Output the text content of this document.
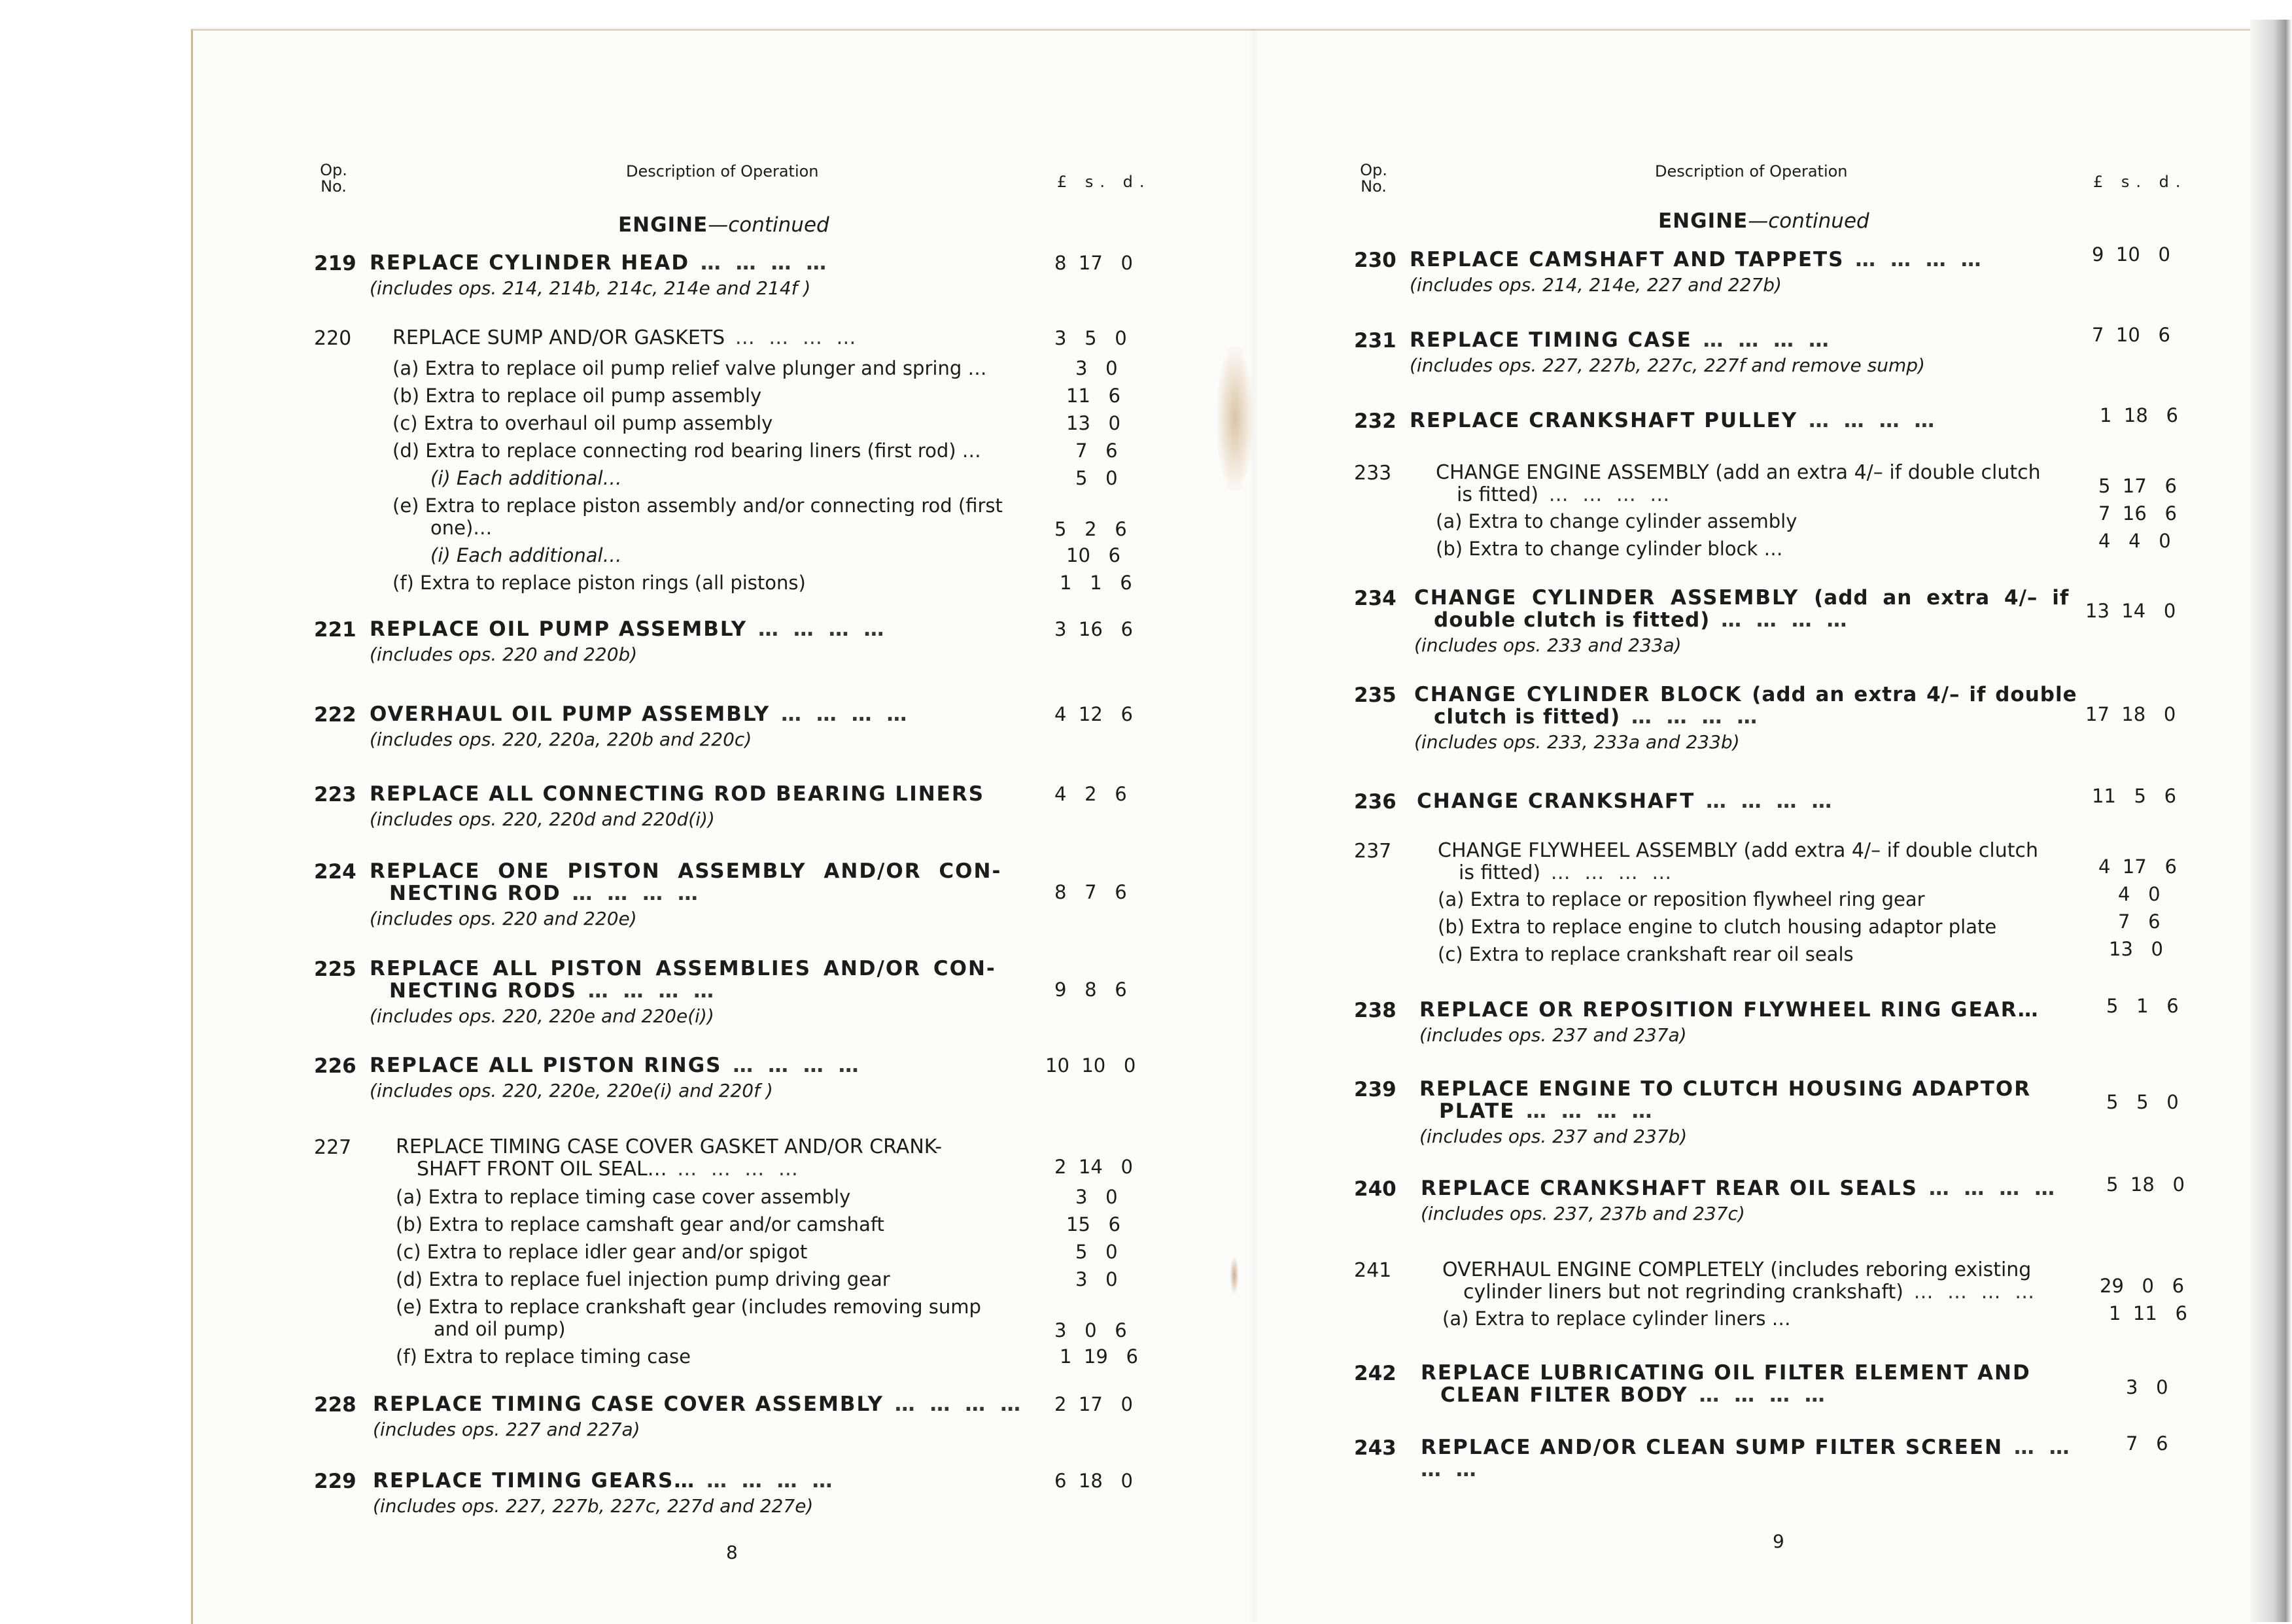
Op. No.
Description of Operation
£ s. d.
ENGINE—continued
219 REPLACE CYLINDER HEAD … … … …
(includes ops. 214, 214b, 214c, 214e and 214f )
8  17   0
220 REPLACE SUMP AND/OR GASKETS … … … …	3   5   0
(a) Extra to replace oil pump relief valve plunger and spring …	3   0
(b) Extra to replace oil pump assembly	11   6
(c) Extra to overhaul oil pump assembly	13   0
(d) Extra to replace connecting rod bearing liners (first rod) …	7   6
(i) Each additional…	5   0
(e) Extra to replace piston assembly and/or connecting rod (first
one)…	5   2   6
(i) Each additional…	10   6
(f) Extra to replace piston rings (all pistons)	1   1   6
221 REPLACE OIL PUMP ASSEMBLY … … … …
(includes ops. 220 and 220b)
3  16   6
222 OVERHAUL OIL PUMP ASSEMBLY … … … …
(includes ops. 220, 220a, 220b and 220c)
4  12   6
223 REPLACE ALL CONNECTING ROD BEARING LINERS
(includes ops. 220, 220d and 220d(i))
4   2   6
224 REPLACE ONE PISTON ASSEMBLY AND/OR CON-
NECTING ROD … … … …
(includes ops. 220 and 220e)
8   7   6
225 REPLACE ALL PISTON ASSEMBLIES AND/OR CON-
NECTING RODS … … … …
(includes ops. 220, 220e and 220e(i))
9   8   6
226 REPLACE ALL PISTON RINGS … … … …
(includes ops. 220, 220e, 220e(i) and 220f )
10  10   0
227 REPLACE TIMING CASE COVER GASKET AND/OR CRANK-
SHAFT FRONT OIL SEAL… … … … …	2  14   0
(a) Extra to replace timing case cover assembly	3   0
(b) Extra to replace camshaft gear and/or camshaft	15   6
(c) Extra to replace idler gear and/or spigot	5   0
(d) Extra to replace fuel injection pump driving gear	3   0
(e) Extra to replace crankshaft gear (includes removing sump
and oil pump)	3   0   6
(f) Extra to replace timing case	1  19   6
228 REPLACE TIMING CASE COVER ASSEMBLY … … … …
(includes ops. 227 and 227a)
2  17   0
229 REPLACE TIMING GEARS… … … … …
(includes ops. 227, 227b, 227c, 227d and 227e)
6  18   0
8
Op. No.
Description of Operation
£ s. d.
ENGINE—continued
230 REPLACE CAMSHAFT AND TAPPETS … … … …
(includes ops. 214, 214e, 227 and 227b)
9  10   0
231 REPLACE TIMING CASE … … … …
(includes ops. 227, 227b, 227c, 227f and remove sump)
7  10   6
232 REPLACE CRANKSHAFT PULLEY … … … …	1  18   6
233 CHANGE ENGINE ASSEMBLY (add an extra 4/– if double clutch
is fitted) … … … …	5  17   6
(a) Extra to change cylinder assembly	7  16   6
(b) Extra to change cylinder block …	4   4   0
234 CHANGE CYLINDER ASSEMBLY (add an extra 4/– if
double clutch is fitted) … … … …
(includes ops. 233 and 233a)
13  14   0
235 CHANGE CYLINDER BLOCK (add an extra 4/– if double
clutch is fitted) … … … …
(includes ops. 233, 233a and 233b)
17  18   0
236 CHANGE CRANKSHAFT … … … …	11   5   6
237 CHANGE FLYWHEEL ASSEMBLY (add extra 4/– if double clutch
is fitted) … … … …	4  17   6
(a) Extra to replace or reposition flywheel ring gear	4   0
(b) Extra to replace engine to clutch housing adaptor plate	7   6
(c) Extra to replace crankshaft rear oil seals	13   0
238 REPLACE OR REPOSITION FLYWHEEL RING GEAR…
(includes ops. 237 and 237a)
5   1   6
239 REPLACE ENGINE TO CLUTCH HOUSING ADAPTOR
PLATE … … … …
(includes ops. 237 and 237b)
5   5   0
240 REPLACE CRANKSHAFT REAR OIL SEALS … … … …
(includes ops. 237, 237b and 237c)
5  18   0
241	OVERHAUL ENGINE COMPLETELY (includes reboring existing
cylinder liners but not regrinding crankshaft) … … … …	29   0   6
(a) Extra to replace cylinder liners …	1  11   6
242 REPLACE LUBRICATING OIL FILTER ELEMENT AND
CLEAN FILTER BODY … … … …	3   0
243 REPLACE AND/OR CLEAN SUMP FILTER SCREEN … … … …	7   6
9
